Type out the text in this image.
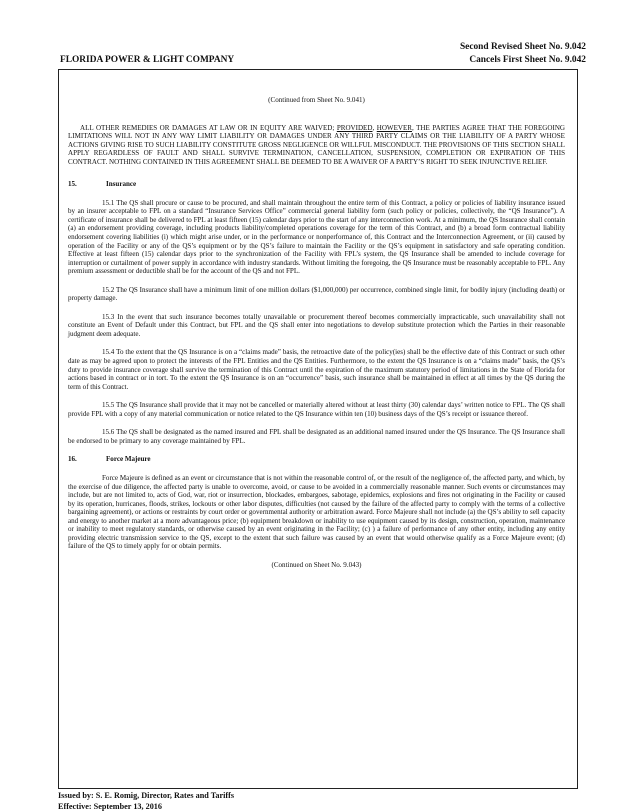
Second Revised Sheet No. 9.042
Cancels First Sheet No. 9.042
FLORIDA POWER & LIGHT COMPANY
(Continued from Sheet No. 9.041)

ALL OTHER REMEDIES OR DAMAGES AT LAW OR IN EQUITY ARE WAIVED; PROVIDED, HOWEVER, THE PARTIES AGREE THAT THE FOREGOING LIMITATIONS WILL NOT IN ANY WAY LIMIT LIABILITY OR DAMAGES UNDER ANY THIRD PARTY CLAIMS OR THE LIABILITY OF A PARTY WHOSE ACTIONS GIVING RISE TO SUCH LIABILITY CONSTITUTE GROSS NEGLIGENCE OR WILLFUL MISCONDUCT. THE PROVISIONS OF THIS SECTION SHALL APPLY REGARDLESS OF FAULT AND SHALL SURVIVE TERMINATION, CANCELLATION, SUSPENSION, COMPLETION OR EXPIRATION OF THIS CONTRACT. NOTHING CONTAINED IN THIS AGREEMENT SHALL BE DEEMED TO BE A WAIVER OF A PARTY’S RIGHT TO SEEK INJUNCTIVE RELIEF.

15.	Insurance

15.1 The QS shall procure or cause to be procured, and shall maintain throughout the entire term of this Contract, a policy or policies of liability insurance issued by an insurer acceptable to FPL on a standard “Insurance Services Office” commercial general liability form (such policy or policies, collectively, the “QS Insurance”). A certificate of insurance shall be delivered to FPL at least fifteen (15) calendar days prior to the start of any interconnection work. At a minimum, the QS Insurance shall contain (a) an endorsement providing coverage, including products liability/completed operations coverage for the term of this Contract, and (b) a broad form contractual liability endorsement covering liabilities (i) which might arise under, or in the performance or nonperformance of, this Contract and the Interconnection Agreement, or (ii) caused by operation of the Facility or any of the QS’s equipment or by the QS’s failure to maintain the Facility or the QS’s equipment in satisfactory and safe operating condition. Effective at least fifteen (15) calendar days prior to the synchronization of the Facility with FPL’s system, the QS Insurance shall be amended to include coverage for interruption or curtailment of power supply in accordance with industry standards. Without limiting the foregoing, the QS Insurance must be reasonably acceptable to FPL. Any premium assessment or deductible shall be for the account of the QS and not FPL.

15.2 The QS Insurance shall have a minimum limit of one million dollars ($1,000,000) per occurrence, combined single limit, for bodily injury (including death) or property damage.

15.3 In the event that such insurance becomes totally unavailable or procurement thereof becomes commercially impracticable, such unavailability shall not constitute an Event of Default under this Contract, but FPL and the QS shall enter into negotiations to develop substitute protection which the Parties in their reasonable judgment deem adequate.

15.4 To the extent that the QS Insurance is on a “claims made” basis, the retroactive date of the policy(ies) shall be the effective date of this Contract or such other date as may be agreed upon to protect the interests of the FPL Entities and the QS Entities. Furthermore, to the extent the QS Insurance is on a “claims made” basis, the QS’s duty to provide insurance coverage shall survive the termination of this Contract until the expiration of the maximum statutory period of limitations in the State of Florida for actions based in contract or in tort. To the extent the QS Insurance is on an “occurrence” basis, such insurance shall be maintained in effect at all times by the QS during the term of this Contract.

15.5 The QS Insurance shall provide that it may not be cancelled or materially altered without at least thirty (30) calendar days’ written notice to FPL. The QS shall provide FPL with a copy of any material communication or notice related to the QS Insurance within ten (10) business days of the QS’s receipt or issuance thereof.

15.6 The QS shall be designated as the named insured and FPL shall be designated as an additional named insured under the QS Insurance. The QS Insurance shall be endorsed to be primary to any coverage maintained by FPL.

16.	Force Majeure

Force Majeure is defined as an event or circumstance that is not within the reasonable control of, or the result of the negligence of, the affected party, and which, by the exercise of due diligence, the affected party is unable to overcome, avoid, or cause to be avoided in a commercially reasonable manner. Such events or circumstances may include, but are not limited to, acts of God, war, riot or insurrection, blockades, embargoes, sabotage, epidemics, explosions and fires not originating in the Facility or caused by its operation, hurricanes, floods, strikes, lockouts or other labor disputes, difficulties (not caused by the failure of the affected party to comply with the terms of a collective bargaining agreement), or actions or restraints by court order or governmental authority or arbitration award. Force Majeure shall not include (a) the QS’s ability to sell capacity and energy to another market at a more advantageous price; (b) equipment breakdown or inability to use equipment caused by its design, construction, operation, maintenance or inability to meet regulatory standards, or otherwise caused by an event originating in the Facility; (c) ) a failure of performance of any other entity, including any entity providing electric transmission service to the QS, except to the extent that such failure was caused by an event that would otherwise qualify as a Force Majeure event; (d) failure of the QS to timely apply for or obtain permits.

(Continued on Sheet No. 9.043)
Issued by: S. E. Romig, Director, Rates and Tariffs
Effective: September 13, 2016
